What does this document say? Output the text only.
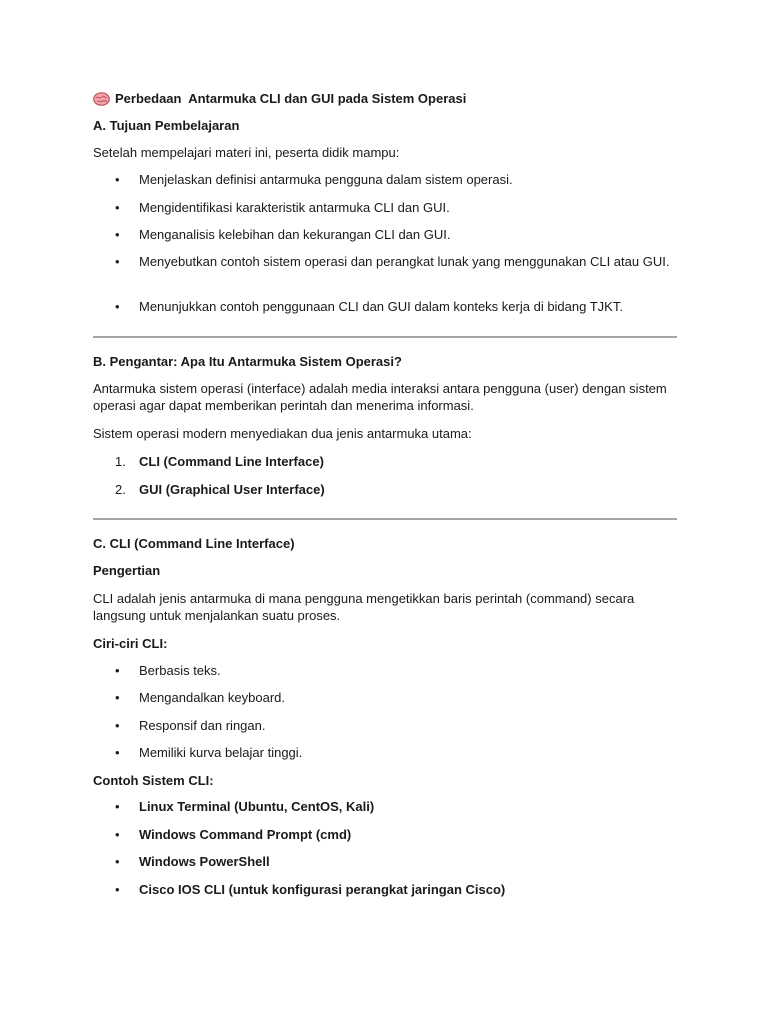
Perbedaan  Antarmuka CLI dan GUI pada Sistem Operasi
A. Tujuan Pembelajaran
Setelah mempelajari materi ini, peserta didik mampu:
• Menjelaskan definisi antarmuka pengguna dalam sistem operasi.
• Mengidentifikasi karakteristik antarmuka CLI dan GUI.
• Menganalisis kelebihan dan kekurangan CLI dan GUI.
• Menyebutkan contoh sistem operasi dan perangkat lunak yang menggunakan CLI atau GUI.
• Menunjukkan contoh penggunaan CLI dan GUI dalam konteks kerja di bidang TJKT.
B. Pengantar: Apa Itu Antarmuka Sistem Operasi?
Antarmuka sistem operasi (interface) adalah media interaksi antara pengguna (user) dengan sistem operasi agar dapat memberikan perintah dan menerima informasi.
Sistem operasi modern menyediakan dua jenis antarmuka utama:
1. CLI (Command Line Interface)
2. GUI (Graphical User Interface)
C. CLI (Command Line Interface)
Pengertian
CLI adalah jenis antarmuka di mana pengguna mengetikkan baris perintah (command) secara langsung untuk menjalankan suatu proses.
Ciri-ciri CLI:
• Berbasis teks.
• Mengandalkan keyboard.
• Responsif dan ringan.
• Memiliki kurva belajar tinggi.
Contoh Sistem CLI:
• Linux Terminal (Ubuntu, CentOS, Kali)
• Windows Command Prompt (cmd)
• Windows PowerShell
• Cisco IOS CLI (untuk konfigurasi perangkat jaringan Cisco)
